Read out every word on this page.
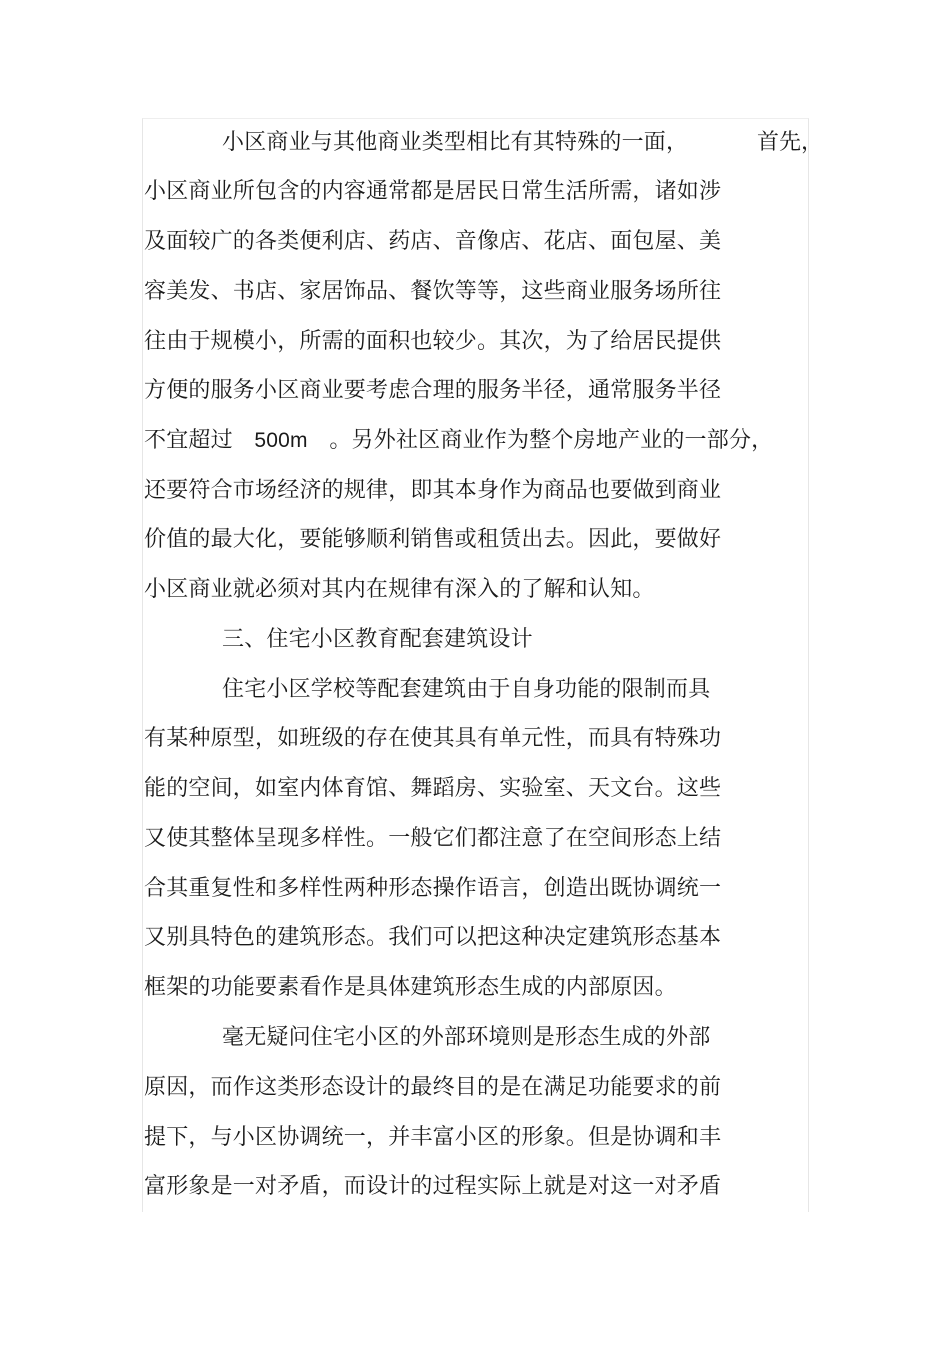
小区商业与其他商业类型相比有其特殊的一面，	首先，
小区商业所包含的内容通常都是居民日常生活所需，诸如涉
及面较广的各类便利店、药店、音像店、花店、面包屋、美
容美发、书店、家居饰品、餐饮等等，这些商业服务场所往
往由于规模小，所需的面积也较少。其次，为了给居民提供
方便的服务小区商业要考虑合理的服务半径，通常服务半径
不宜超过 500m 。另外社区商业作为整个房地产业的一部分，
还要符合市场经济的规律，即其本身作为商品也要做到商业
价值的最大化，要能够顺利销售或租赁出去。因此，要做好
小区商业就必须对其内在规律有深入的了解和认知。
三、住宅小区教育配套建筑设计
住宅小区学校等配套建筑由于自身功能的限制而具
有某种原型，如班级的存在使其具有单元性，而具有特殊功
能的空间，如室内体育馆、舞蹈房、实验室、天文台。这些
又使其整体呈现多样性。一般它们都注意了在空间形态上结
合其重复性和多样性两种形态操作语言，创造出既协调统一
又别具特色的建筑形态。我们可以把这种决定建筑形态基本
框架的功能要素看作是具体建筑形态生成的内部原因。
毫无疑问住宅小区的外部环境则是形态生成的外部
原因，而作这类形态设计的最终目的是在满足功能要求的前
提下，与小区协调统一，并丰富小区的形象。但是协调和丰
富形象是一对矛盾，而设计的过程实际上就是对这一对矛盾
